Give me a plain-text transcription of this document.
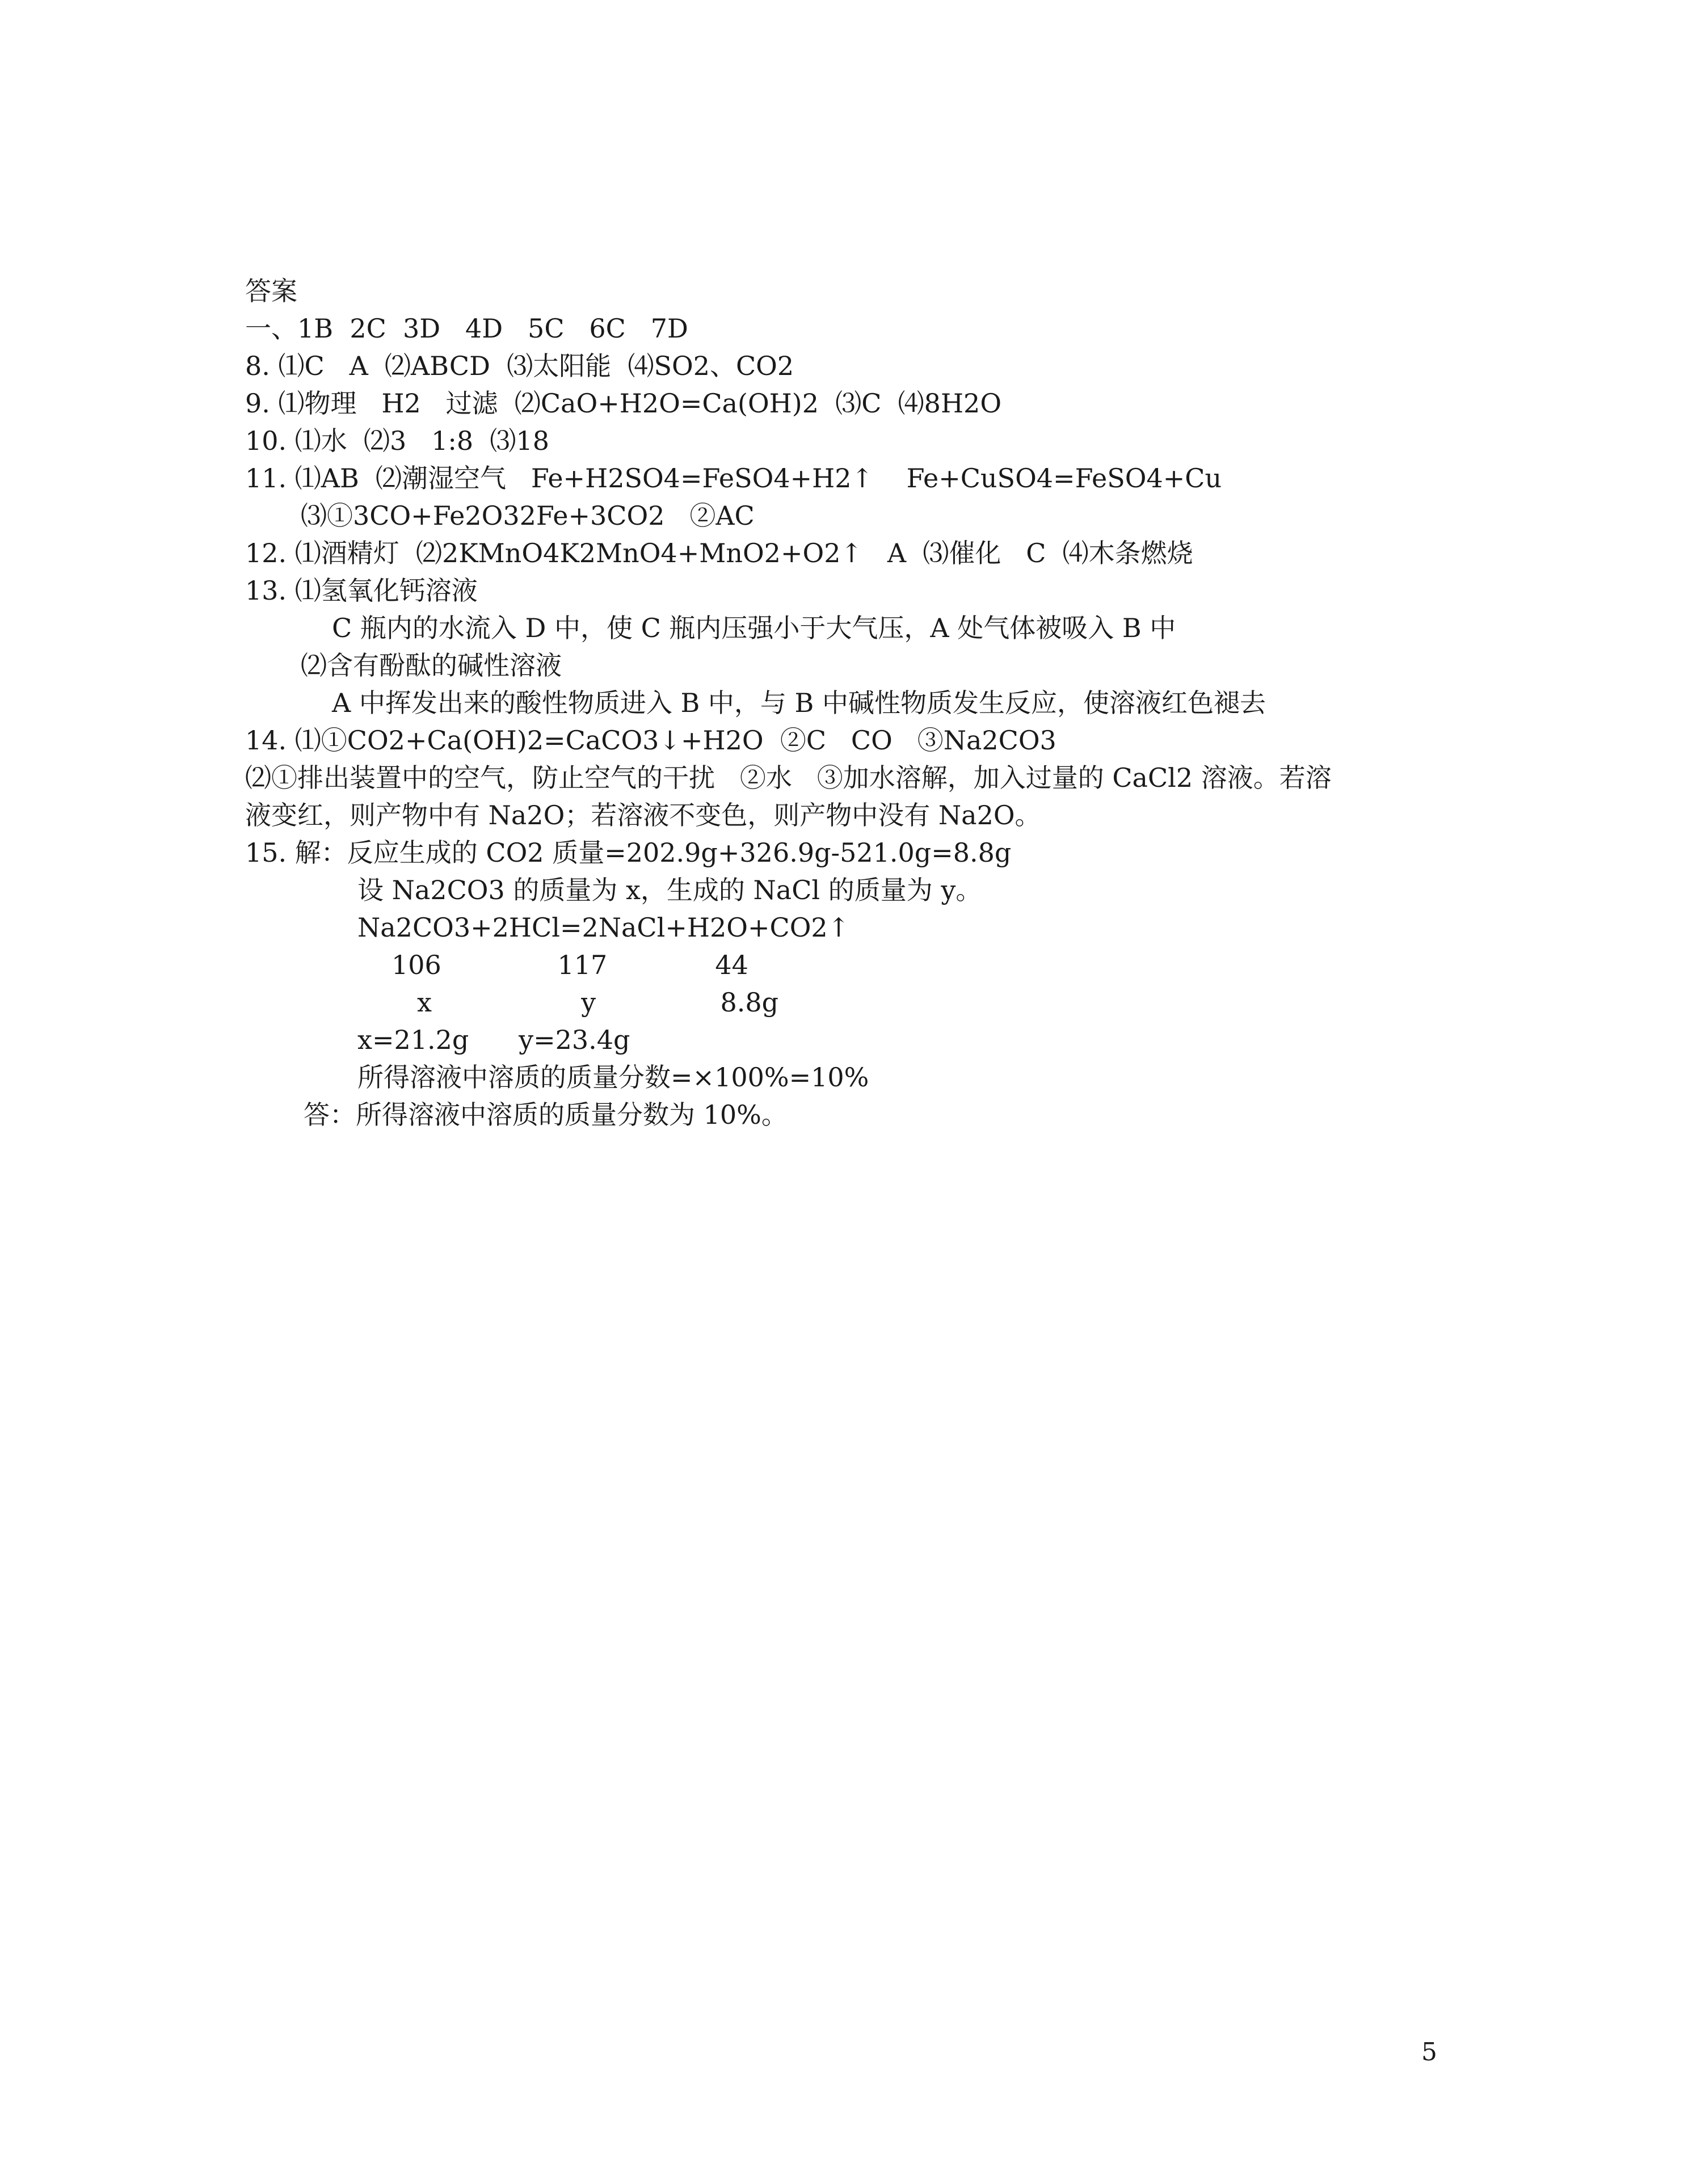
答案
一、1B  2C  3D   4D   5C   6C   7D
8. ⑴C   A  ⑵ABCD  ⑶太阳能  ⑷SO2、CO2
9. ⑴物理   H2   过滤  ⑵CaO+H2O=Ca(OH)2  ⑶C  ⑷8H2O
10. ⑴水  ⑵3   1:8  ⑶18
11. ⑴AB  ⑵潮湿空气   Fe+H2SO4=FeSO4+H2↑    Fe+CuSO4=FeSO4+Cu
⑶①3CO+Fe2O32Fe+3CO2   ②AC
12. ⑴酒精灯  ⑵2KMnO4K2MnO4+MnO2+O2↑   A  ⑶催化   C  ⑷木条燃烧
13. ⑴氢氧化钙溶液
C 瓶内的水流入 D 中，使 C 瓶内压强小于大气压，A 处气体被吸入 B 中
⑵含有酚酞的碱性溶液
A 中挥发出来的酸性物质进入 B 中，与 B 中碱性物质发生反应，使溶液红色褪去
14. ⑴①CO2+Ca(OH)2=CaCO3↓+H2O  ②C   CO   ③Na2CO3
⑵①排出装置中的空气，防止空气的干扰   ②水   ③加水溶解，加入过量的 CaCl2 溶液。若溶
液变红，则产物中有 Na2O；若溶液不变色，则产物中没有 Na2O。
15. 解：反应生成的 CO2 质量=202.9g+326.9g-521.0g=8.8g
设 Na2CO3 的质量为 x，生成的 NaCl 的质量为 y。
Na2CO3+2HCl=2NaCl+H2O+CO2↑
106              117             44
x                  y               8.8g
x=21.2g      y=23.4g
所得溶液中溶质的质量分数=×100%=10%
答：所得溶液中溶质的质量分数为 10%。
5
